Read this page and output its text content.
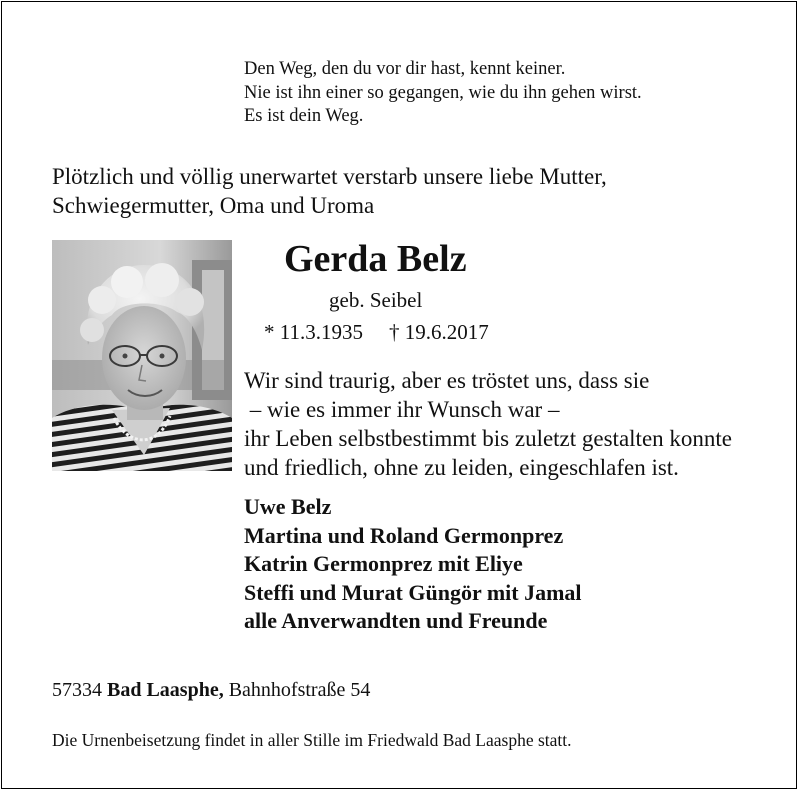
Den Weg, den du vor dir hast, kennt keiner.
Nie ist ihn einer so gegangen, wie du ihn gehen wirst.
Es ist dein Weg.
Plötzlich und völlig unerwartet verstarb unsere liebe Mutter,
Schwiegermutter, Oma und Uroma
Gerda Belz
geb. Seibel
* 11.3.1935 † 19.6.2017
Wir sind traurig, aber es tröstet uns, dass sie
– wie es immer ihr Wunsch war –
ihr Leben selbstbestimmt bis zuletzt gestalten konnte
und friedlich, ohne zu leiden, eingeschlafen ist.
Uwe Belz
Martina und Roland Germonprez
Katrin Germonprez mit Eliye
Steffi und Murat Güngör mit Jamal
alle Anverwandten und Freunde
57334 Bad Laasphe, Bahnhofstraße 54
Die Urnenbeisetzung findet in aller Stille im Friedwald Bad Laasphe statt.
